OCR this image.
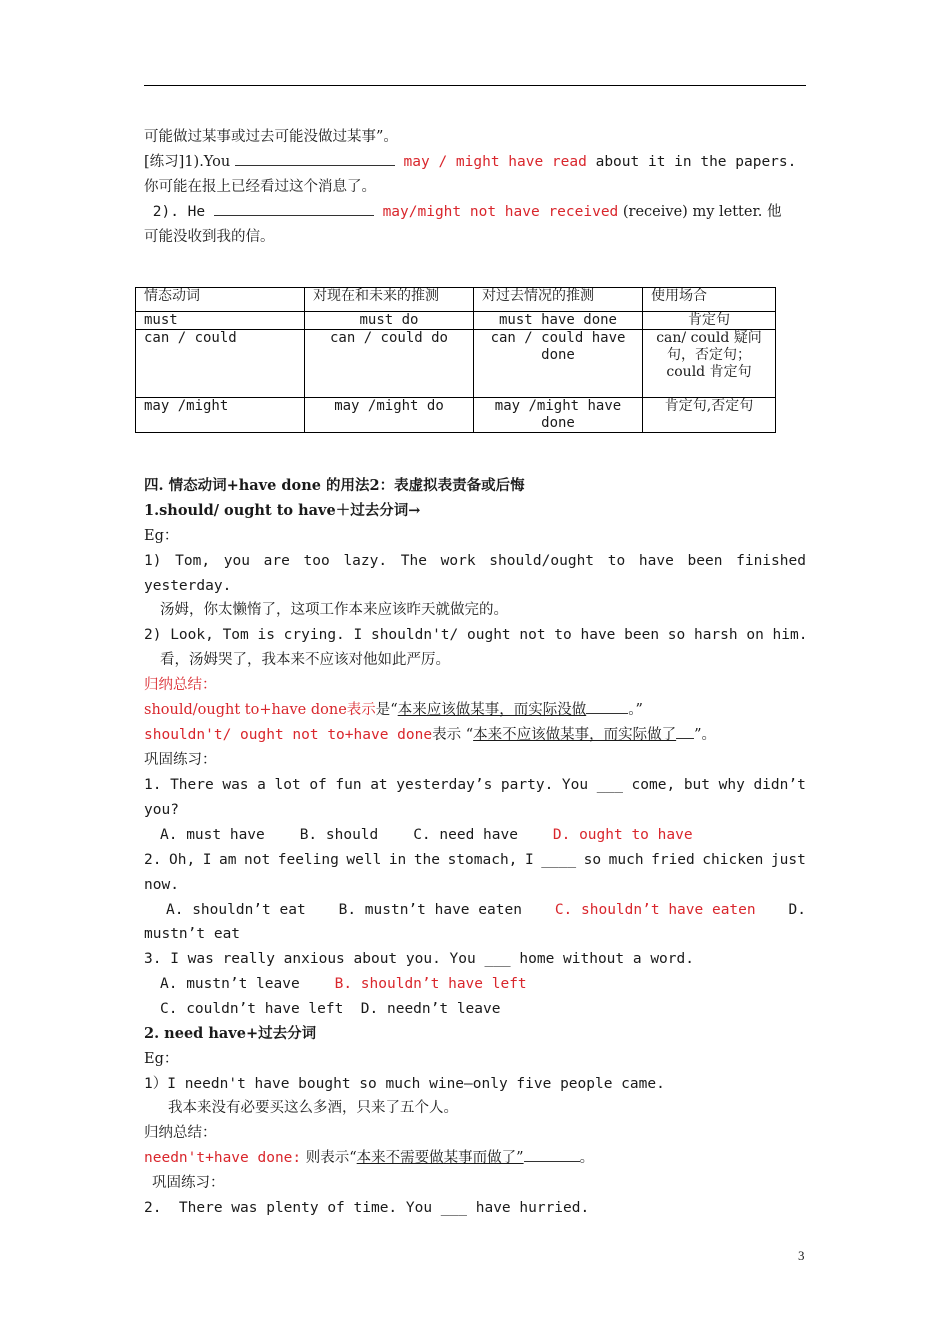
可能做过某事或过去可能没做过某事”。
[练习]1).You	may / might have read about it in the papers.
你可能在报上已经看过这个消息了。
2). He	may/might not have received (receive) my letter. 他
可能没收到我的信。
情态动词	对现在和未来的推测	对过去情况的推测	使用场合
must	must do	must have done	肯定句
can / could	can / could do	can / could have done	can/ could 疑问句，否定句；
could 肯定句

may /might	may /might do	may /might have done	肯定句,否定句
四. 情态动词+have done 的用法2：表虚拟表责备或后悔
1.should/ ought to have＋过去分词→
Eg：
1) Tom, you are too lazy. The work should/ought to have been finished
yesterday.
汤姆，你太懒惰了，这项工作本来应该昨天就做完的。
2) Look, Tom is crying. I shouldn't/ ought not to have been so harsh on him.
看，汤姆哭了，我本来不应该对他如此严厉。
归纳总结：
should/ought to+have done表示是“本来应该做某事，而实际没做	。”
shouldn't/ ought not to+have done表示 “本来不应该做某事，而实际做了 ”。
巩固练习：
1. There was a lot of fun at yesterday’s party. You ___ come, but why didn’t
you?
A. must have B. should C. need have D. ought to have
2. Oh, I am not feeling well in the stomach, I ____ so much fried chicken just
now.
A. shouldn’t eat B. mustn’t have eaten C. shouldn’t have eaten D.
mustn’t eat
3. I was really anxious about you. You ___ home without a word.
A. mustn’t leave B. shouldn’t have left
C. couldn’t have left D. needn’t leave
2. need have+过去分词
Eg：
1）I needn't have bought so much wine—only five people came.
我本来没有必要买这么多酒，只来了五个人。
归纳总结：
needn't+have done: 则表示“本来不需要做某事而做了”	。
巩固练习：
2.  There was plenty of time. You ___ have hurried.
3
